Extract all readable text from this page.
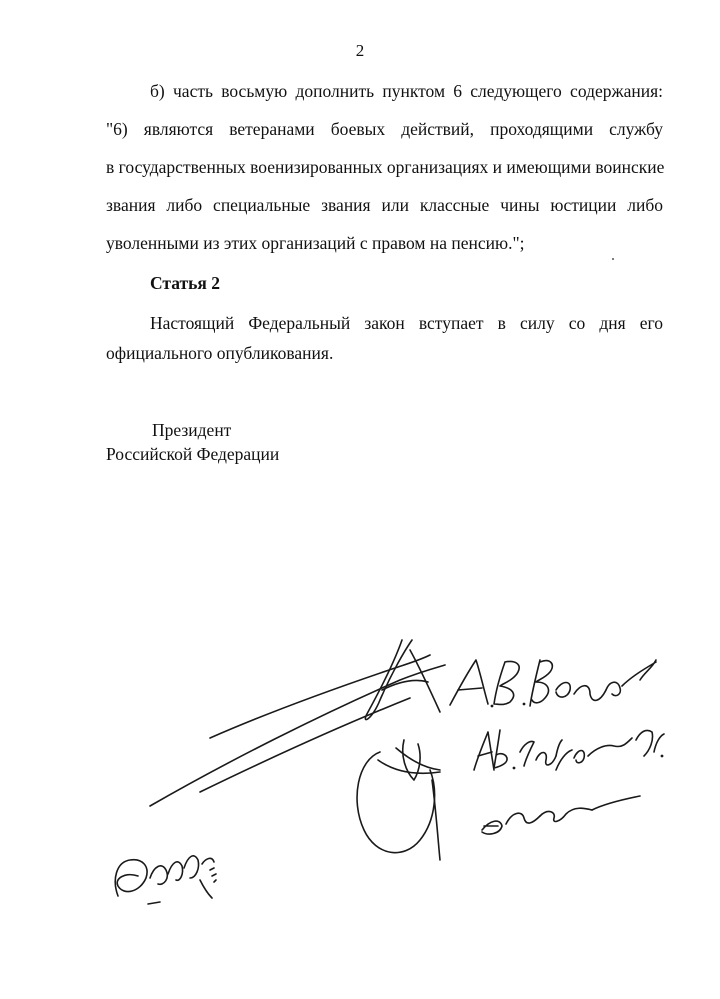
2
б) часть восьмую дополнить пунктом 6 следующего содержания:
"6) являются ветеранами боевых действий, проходящими службу
в государственных военизированных организациях и имеющими воинские
звания либо специальные звания или классные чины юстиции либо
уволенными из этих организаций с правом на пенсию.";
Статья 2
Настоящий Федеральный закон вступает в силу со дня его
официального опубликования.
Президент
Российской Федерации
